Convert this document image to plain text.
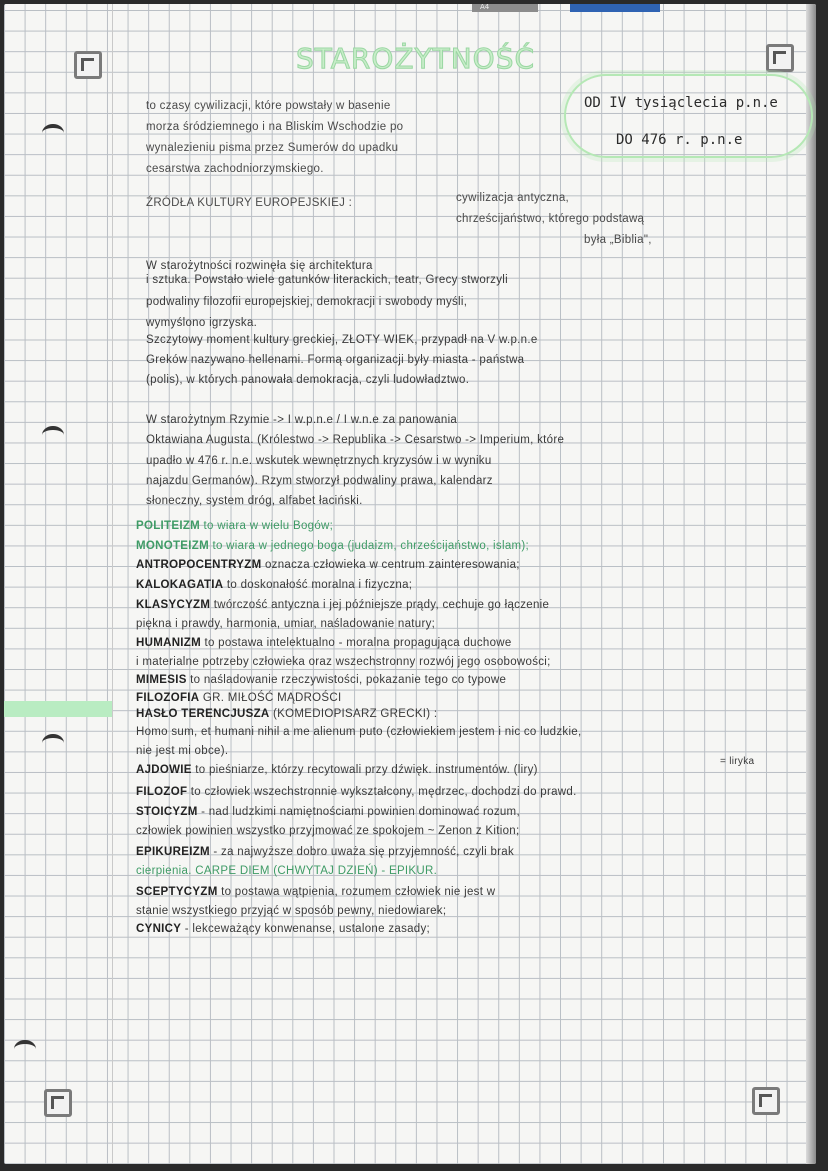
A4
STAROŻYTNOŚĆ
OD IV tysiąclecia p.n.e
DO 476 r. p.n.e
to czasy cywilizacji, które powstały w basenie
morza śródziemnego i na Bliskim Wschodzie po
wynalezieniu pisma przez Sumerów do upadku
cesarstwa zachodniorzymskiego.
ŹRÓDŁA KULTURY EUROPEJSKIEJ :	cywilizacja antyczna,
chrześcijaństwo, którego podstawą
była „Biblia",
W starożytności rozwinęła się architektura
i sztuka. Powstało wiele gatunków literackich, teatr, Grecy stworzyli
podwaliny filozofii europejskiej, demokracji i swobody myśli,
wymyślono igrzyska.
Szczytowy moment kultury greckiej, ZŁOTY WIEK, przypadł na V w.p.n.e
Greków nazywano hellenami. Formą organizacji były miasta - państwa
(polis), w których panowała demokracja, czyli ludowładztwo.
W starożytnym Rzymie -> I w.p.n.e / I w.n.e za panowania
Oktawiana Augusta. (Królestwo -> Republika -> Cesarstwo -> Imperium, które
upadło w 476 r. n.e. wskutek wewnętrznych kryzysów i w wyniku
najazdu Germanów). Rzym stworzył podwaliny prawa, kalendarz
słoneczny, system dróg, alfabet łaciński.
POLITEIZM to wiara w wielu Bogów;
MONOTEIZM to wiara w jednego boga (judaizm, chrześcijaństwo, islam);
ANTROPOCENTRYZM oznacza człowieka w centrum zainteresowania;
KALOKAGATIA to doskonałość moralna i fizyczna;
KLASYCYZM twórczość antyczna i jej późniejsze prądy, cechuje go łączenie
piękna i prawdy, harmonia, umiar, naśladowanie natury;
HUMANIZM to postawa intelektualno - moralna propagująca duchowe
i materialne potrzeby człowieka oraz wszechstronny rozwój jego osobowości;
MIMESIS to naśladowanie rzeczywistości, pokazanie tego co typowe
FILOZOFIA GR. MIŁOŚĆ MĄDROŚCI
HASŁO TERENCJUSZA (KOMEDIOPISARZ GRECKI) :
Homo sum, et humani nihil a me alienum puto (człowiekiem jestem i nic co ludzkie,
nie jest mi obce).
AJDOWIE to pieśniarze, którzy recytowali przy dźwięk. instrumentów. (liry)
FILOZOF to człowiek wszechstronnie wykształcony, mędrzec, dochodzi do prawd.
STOICYZM - nad ludzkimi namiętnościami powinien dominować rozum,
człowiek powinien wszystko przyjmować ze spokojem ~ Zenon z Kition;
EPIKUREIZM - za najwyższe dobro uważa się przyjemność, czyli brak
cierpienia. CARPE DIEM (CHWYTAJ DZIEŃ) - EPIKUR.
SCEPTYCYZM to postawa wątpienia, rozumem człowiek nie jest w
stanie wszystkiego przyjąć w sposób pewny, niedowiarek;
CYNICY - lekceważący konwenanse, ustalone zasady;
= liryka
